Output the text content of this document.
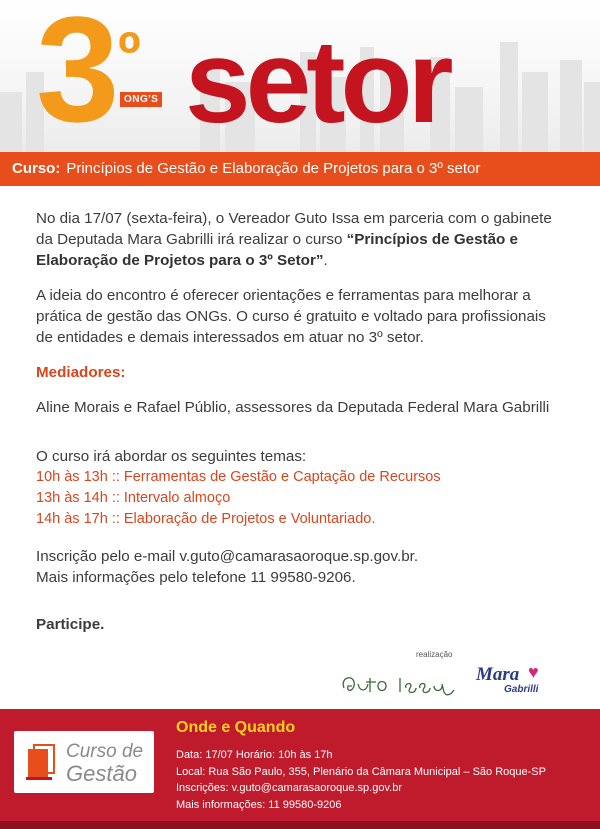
3 º
ONG'S setor
Curso: Princípios de Gestão e Elaboração de Projetos para o 3º setor
No dia 17/07 (sexta-feira), o Vereador Guto Issa em parceria com o gabinete da Deputada Mara Gabrilli irá realizar o curso “Princípios de Gestão e Elaboração de Projetos para o 3º Setor”.
A ideia do encontro é oferecer orientações e ferramentas para melhorar a prática de gestão das ONGs. O curso é gratuito e voltado para profissionais de entidades e demais interessados em atuar no 3º setor.
Mediadores:
Aline Morais e Rafael Públio, assessores da Deputada Federal Mara Gabrilli
O curso irá abordar os seguintes temas:
10h às 13h :: Ferramentas de Gestão e Captação de Recursos
13h às 14h :: Intervalo almoço
14h às 17h :: Elaboração de Projetos e Voluntariado.
Inscrição pelo e-mail v.guto@camarasaoroque.sp.gov.br.
Mais informações pelo telefone 11 99580-9206.
Participe.
realização
Mara ♥
Gabrilli
Curso de
Gestão
Onde e Quando
Data: 17/07 Horário: 10h às 17h
Local: Rua São Paulo, 355, Plenário da Câmara Municipal – São Roque-SP
Inscrições: v.guto@camarasaoroque.sp.gov.br
Mais informações: 11 99580-9206
